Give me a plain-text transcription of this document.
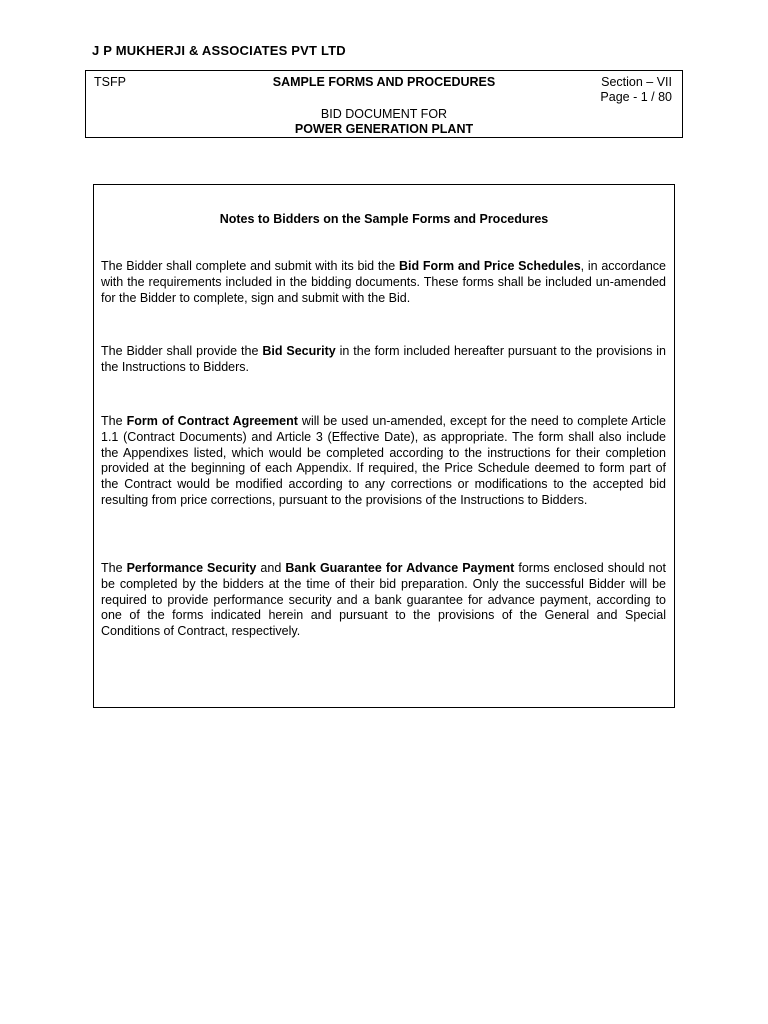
J P MUKHERJI & ASSOCIATES PVT LTD
TSFP	SAMPLE FORMS AND PROCEDURES	Section – VII
Page - 1 / 80
BID DOCUMENT FOR
POWER GENERATION PLANT
Notes to Bidders on the Sample Forms and Procedures

The Bidder shall complete and submit with its bid the Bid Form and Price Schedules, in accordance with the requirements included in the bidding documents. These forms shall be included un-amended for the Bidder to complete, sign and submit with the Bid.

The Bidder shall provide the Bid Security in the form included hereafter pursuant to the provisions in the Instructions to Bidders.

The Form of Contract Agreement will be used un-amended, except for the need to complete Article 1.1 (Contract Documents) and Article 3 (Effective Date), as appropriate. The form shall also include the Appendixes listed, which would be completed according to the instructions for their completion provided at the beginning of each Appendix. If required, the Price Schedule deemed to form part of the Contract would be modified according to any corrections or modifications to the accepted bid resulting from price corrections, pursuant to the provisions of the Instructions to Bidders.

The Performance Security and Bank Guarantee for Advance Payment forms enclosed should not be completed by the bidders at the time of their bid preparation. Only the successful Bidder will be required to provide performance security and a bank guarantee for advance payment, according to one of the forms indicated herein and pursuant to the provisions of the General and Special Conditions of Contract, respectively.
